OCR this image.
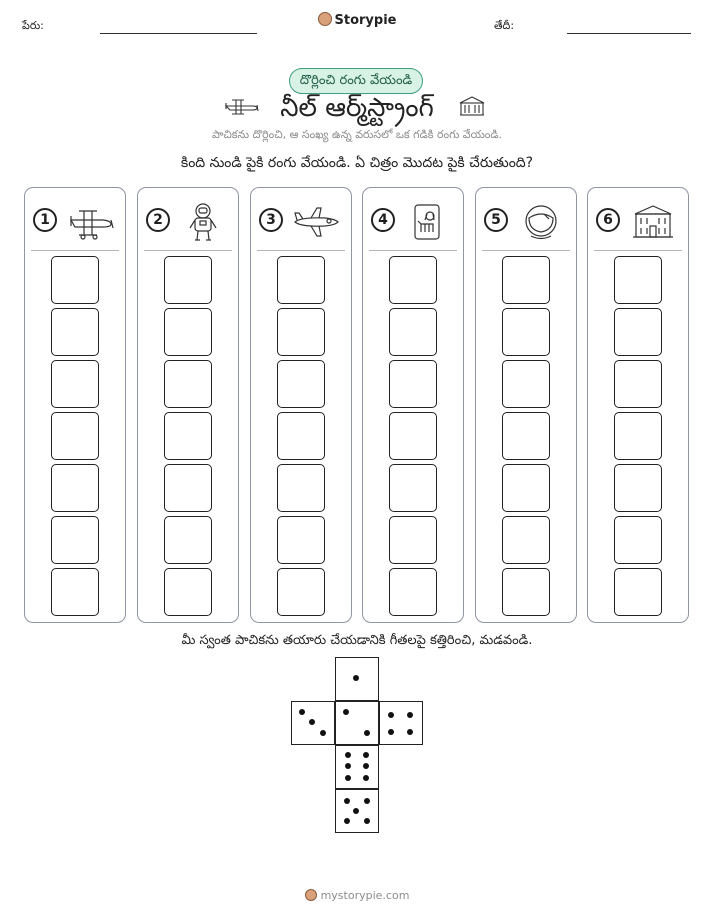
పేరు:	Storypie	తేదీ:
దొర్లించి రంగు వేయండి
నీల్ ఆర్మ్‌స్ట్రాంగ్
పాచికను దొర్లించి, ఆ సంఖ్య ఉన్న వరుసలో ఒక గడికి రంగు వేయండి.
కింది నుండి పైకి రంగు వేయండి. ఏ చిత్రం మొదట పైకి చేరుతుంది?
1	2	3	4	5	6
మీ స్వంత పాచికను తయారు చేయడానికి గీతలపై కత్తిరించి, మడవండి.
mystorypie.com
